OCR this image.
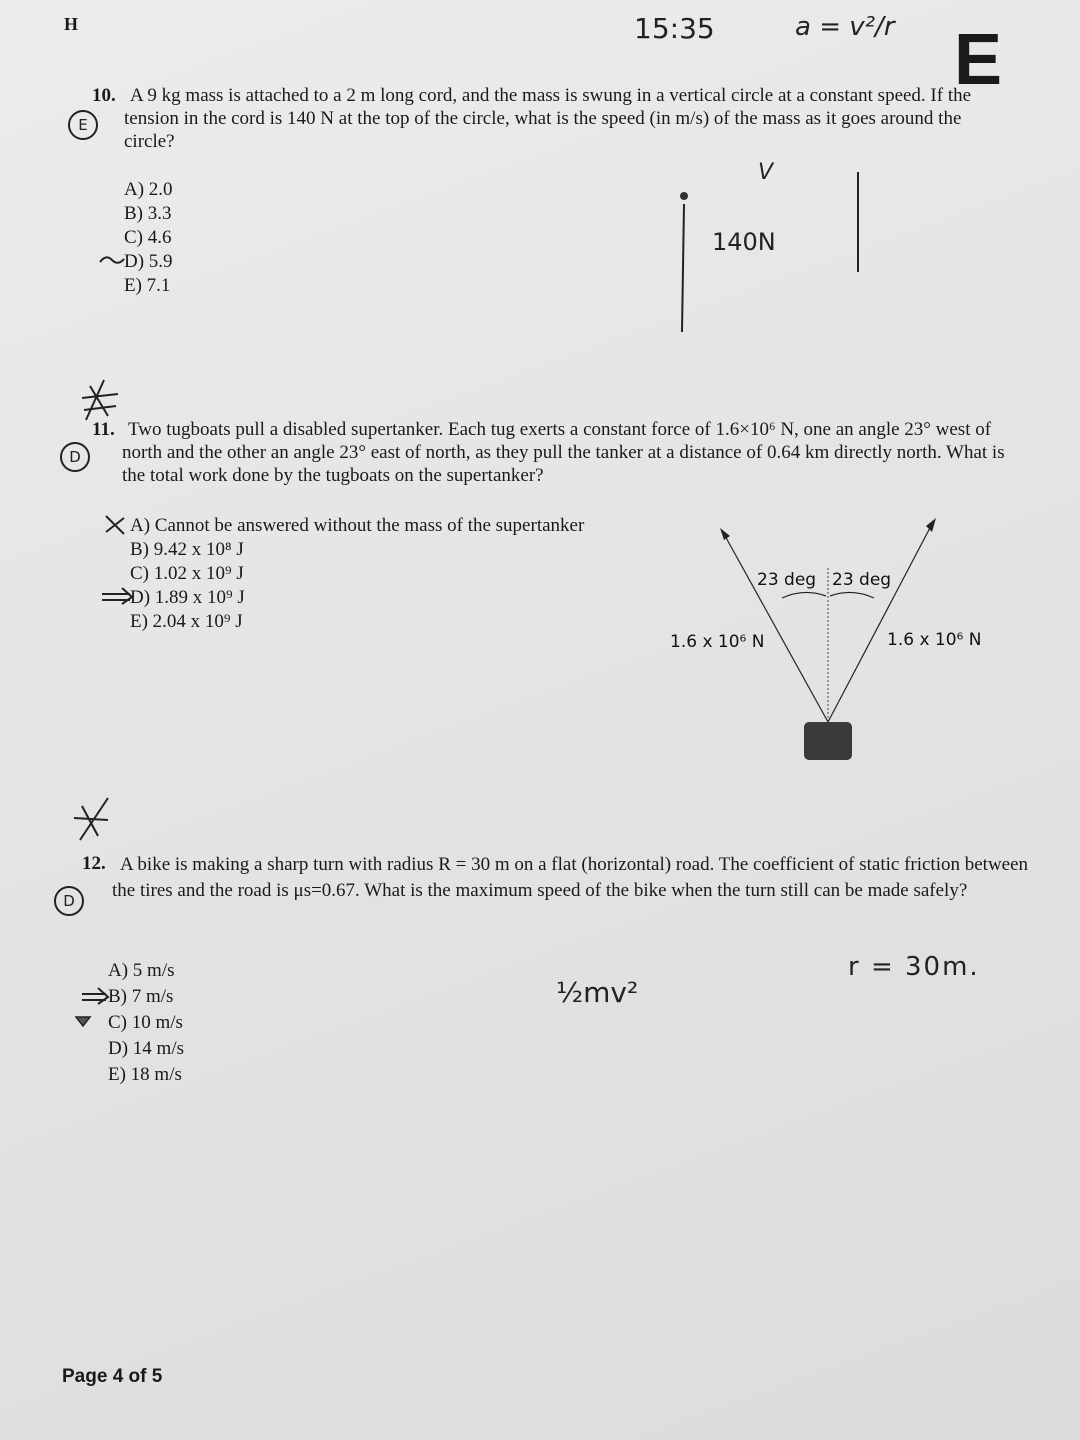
H	15:35	a = v²/r E
E
10. A 9 kg mass is attached to a 2 m long cord, and the mass is swung in a vertical circle at a constant speed. If the tension in the cord is 140 N at the top of the circle, what is the speed (in m/s) of the mass as it goes around the circle?
A) 2.0
B) 3.3
C) 4.6
D) 5.9
E) 7.1
V
140N
D
11. Two tugboats pull a disabled supertanker. Each tug exerts a constant force of 1.6×10⁶ N, one an angle 23° west of north and the other an angle 23° east of north, as they pull the tanker at a distance of 0.64 km directly north. What is the total work done by the tugboats on the supertanker?
A) Cannot be answered without the mass of the supertanker
B) 9.42 x 10⁸ J
C) 1.02 x 10⁹ J
D) 1.89 x 10⁹ J
E) 2.04 x 10⁹ J
23 deg 23 deg
1.6 x 10⁶ N	1.6 x 10⁶ N
D
12. A bike is making a sharp turn with radius R = 30 m on a flat (horizontal) road. The coefficient of static friction between the tires and the road is μs=0.67. What is the maximum speed of the bike when the turn still can be made safely?
A) 5 m/s
B) 7 m/s
C) 10 m/s
D) 14 m/s
E) 18 m/s
½mv²
r = 30m.
Page 4 of 5
